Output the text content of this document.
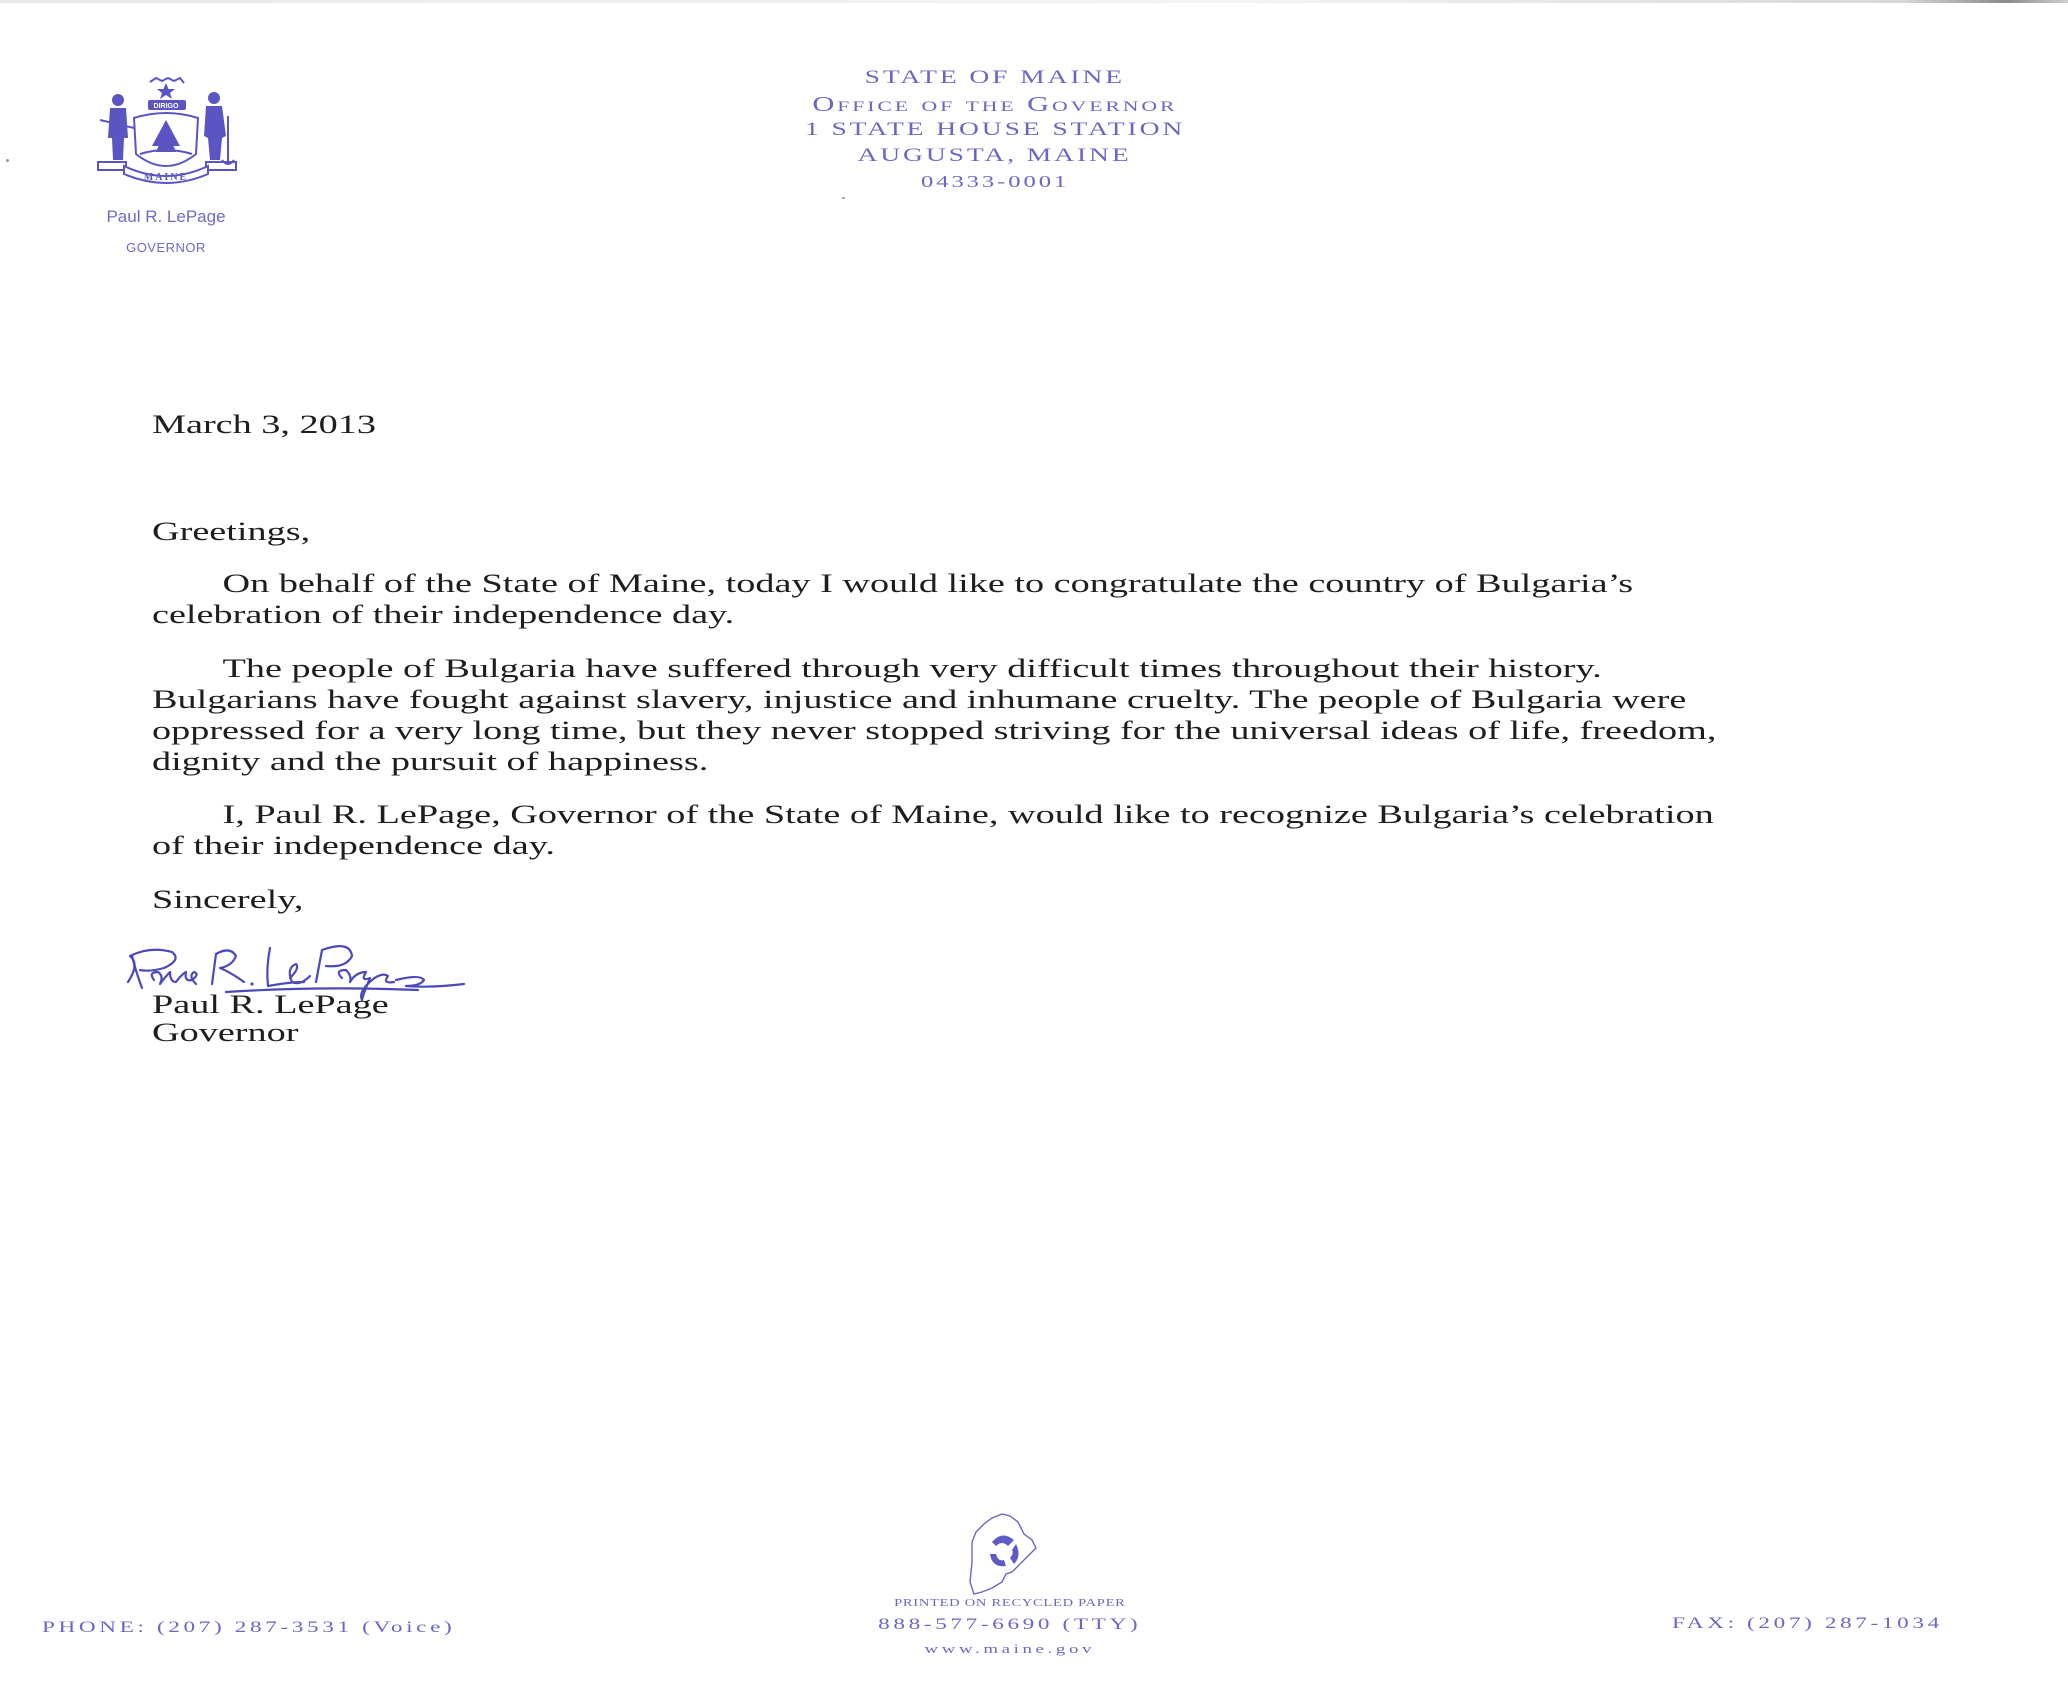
MAINE
DIRIGO
Paul R. LePage
GOVERNOR
STATE OF MAINE
Office of the Governor
1 STATE HOUSE STATION
AUGUSTA, MAINE
04333-0001
March 3, 2013
Greetings,
On behalf of the State of Maine, today I would like to congratulate the country of Bulgaria’s
celebration of their independence day.
The people of Bulgaria have suffered through very difficult times throughout their history.
Bulgarians have fought against slavery, injustice and inhumane cruelty. The people of Bulgaria were
oppressed for a very long time, but they never stopped striving for the universal ideas of life, freedom,
dignity and the pursuit of happiness.
I, Paul R. LePage, Governor of the State of Maine, would like to recognize Bulgaria’s celebration
of their independence day.
Sincerely,
Paul R. LePage
Governor
PHONE: (207) 287-3531 (Voice)
PRINTED ON RECYCLED PAPER
888-577-6690 (TTY)
www.maine.gov
FAX: (207) 287-1034
